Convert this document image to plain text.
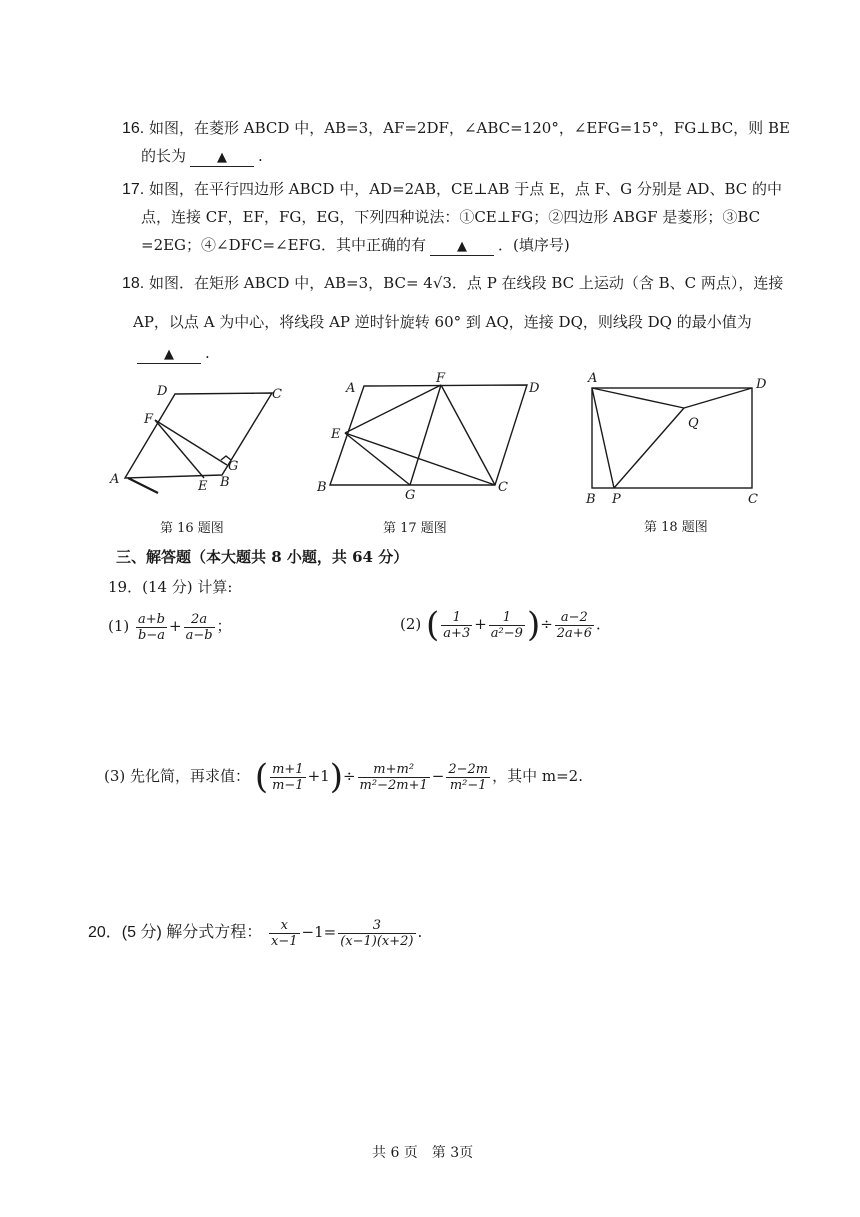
16. 如图，在菱形 ABCD 中，AB=3，AF=2DF，∠ABC=120°，∠EFG=15°，FG⊥BC，则 BE
的长为 ▲ .
17. 如图，在平行四边形 ABCD 中，AD=2AB，CE⊥AB 于点 E，点 F、G 分别是 AD、BC 的中
点，连接 CF，EF，FG，EG，下列四种说法：①CE⊥FG；②四边形 ABGF 是菱形；③BC
=2EG；④∠DFC=∠EFG．其中正确的有 ▲ ．(填序号)
18. 如图．在矩形 ABCD 中，AB=3，BC= 4√3．点 P 在线段 BC 上运动（含 B、C 两点），连接
AP，以点 A 为中心，将线段 AP 逆时针旋转 60° 到 AQ，连接 DQ，则线段 DQ 的最小值为
▲ .
D	C
F
G
A	E B
第 16 题图
A
F
D
E
B
G
C
第 17 题图
A	D
Q
B P	C
第 18 题图
三、解答题（本大题共 8 小题，共 64 分）
19．(14 分) 计算:
$(1) \frac{a+b}{b-a} + \frac{2a}{a-b}$ ；	(2) ( $\frac{1}{a+3} + \frac{1}{\text{a²−9}}$ )÷ $\frac{a-2}{2a+6}$ ．
(3) 先化简，再求值： ( $\frac{m+1}{m-1} +1)\div \frac{\text{m+m²}}{\text{m²−2m+1}} - \frac{2-2m}{\text{m²−1}}$ ，其中 m=2.
20．(5 分) 解分式方程： $\frac{x}{x-1} -1= \frac{3}{(x-1)(x+2)}$ .
共 6 页　第 3页
